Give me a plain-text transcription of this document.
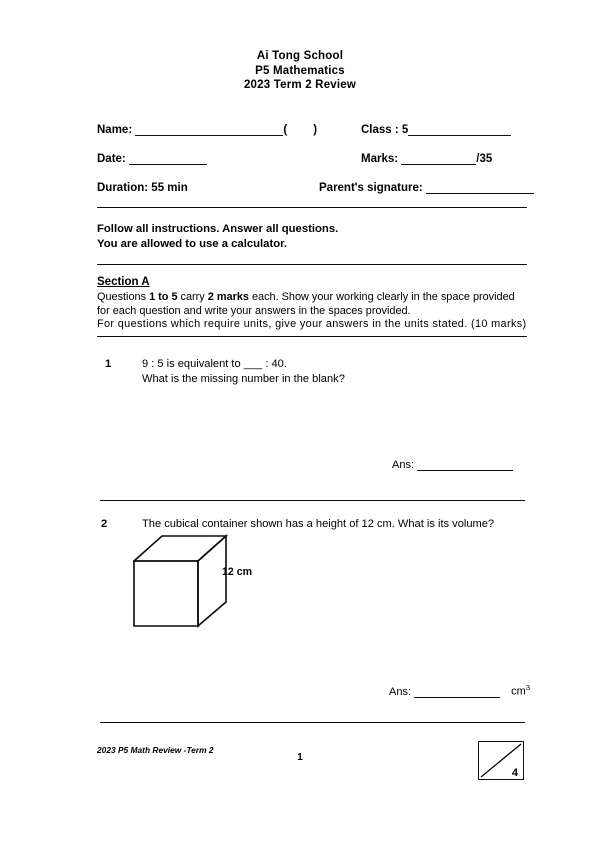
Ai Tong School
P5 Mathematics
2023 Term 2 Review
Name:	( )	Class : 5
Date:	Marks:	/35
Duration: 55 min	Parent's signature:
Follow all instructions. Answer all questions.
You are allowed to use a calculator.
Section A
Questions 1 to 5 carry 2 marks each. Show your working clearly in the space provided
for each question and write your answers in the spaces provided.
For questions which require units, give your answers in the units stated. (10 marks)
1	9 : 5 is equivalent to ___ : 40.
What is the missing number in the blank?
Ans:
2	The cubical container shown has a height of 12 cm. What is its volume?
12 cm
Ans:	$cm^3$
2023 P5 Math Review -Term 2
1
4
